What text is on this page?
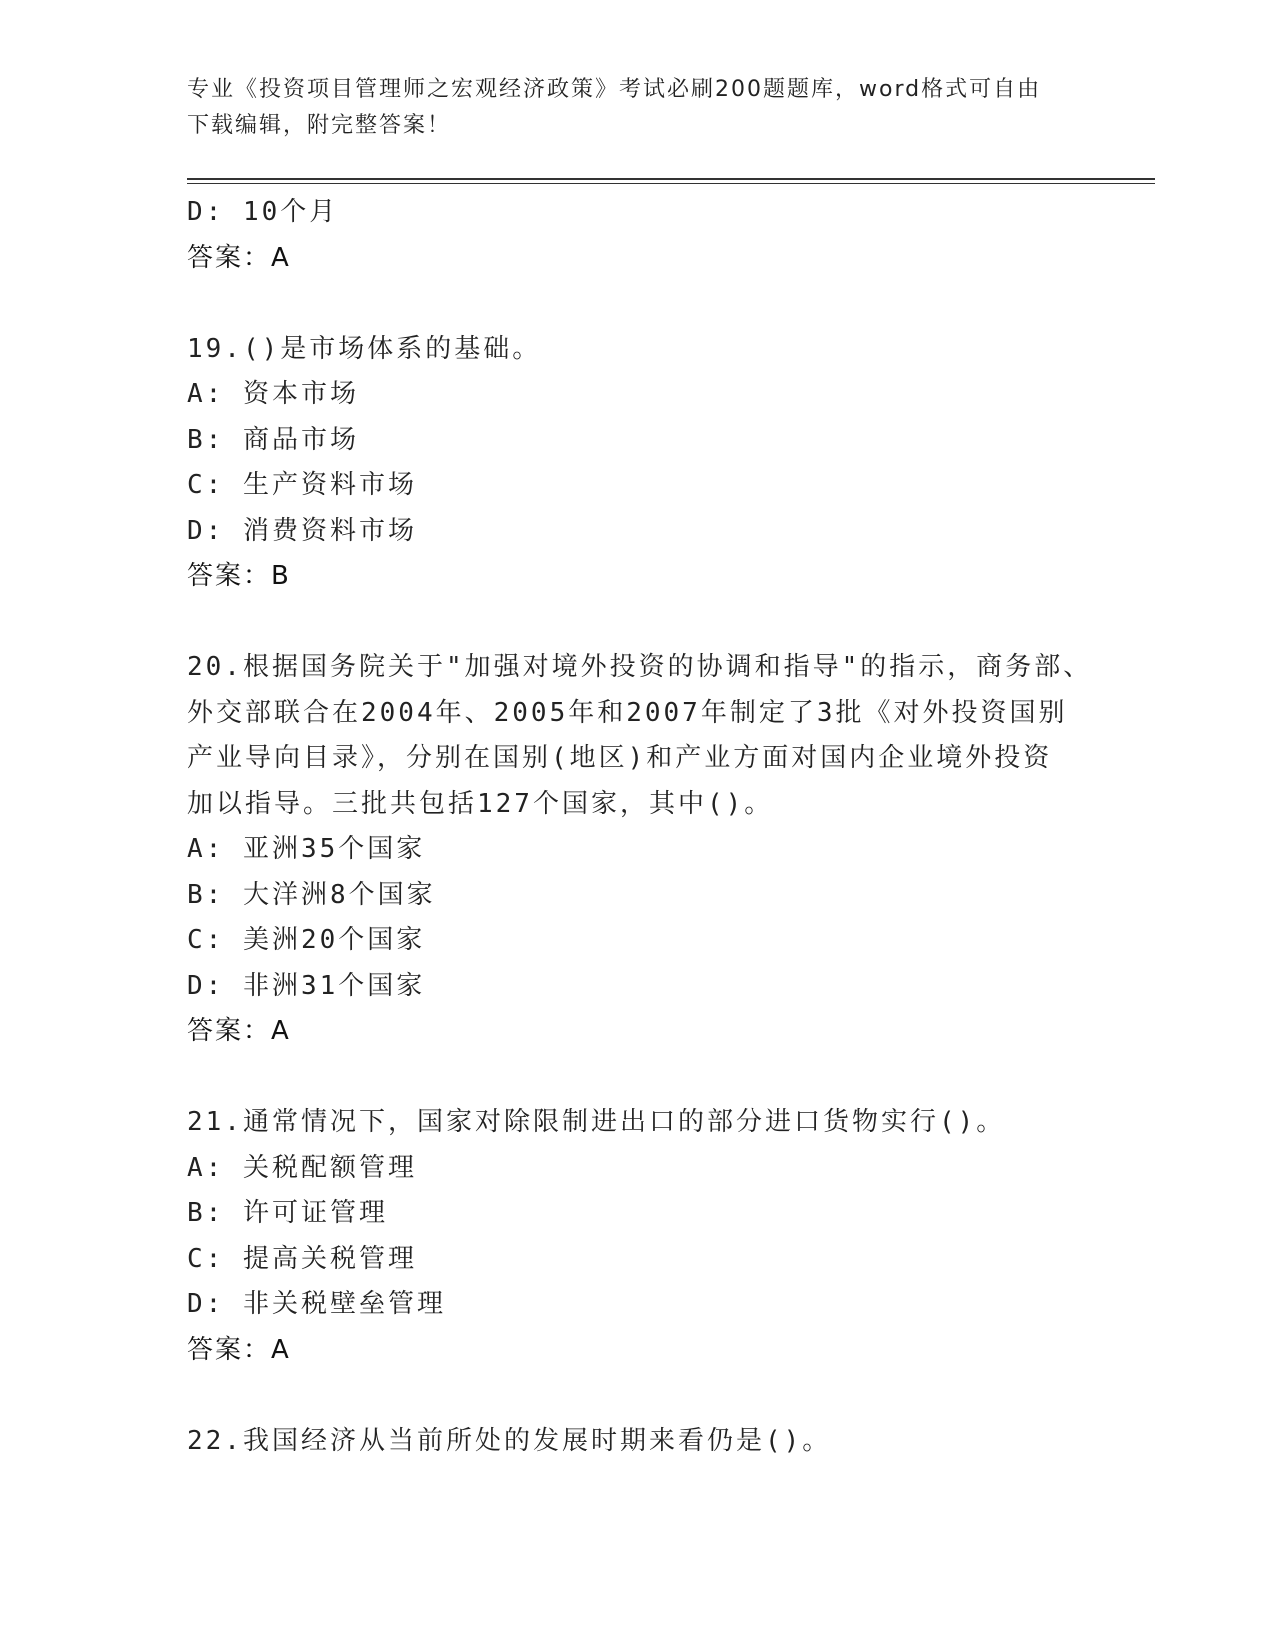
专业《投资项目管理师之宏观经济政策》考试必刷200题题库，word格式可自由
下载编辑，附完整答案！
D: 10个月
答案：A
19.()是市场体系的基础。
A: 资本市场
B: 商品市场
C: 生产资料市场
D: 消费资料市场
答案：B
20.根据国务院关于"加强对境外投资的协调和指导"的指示，商务部、
外交部联合在2004年、2005年和2007年制定了3批《对外投资国别
产业导向目录》，分别在国别(地区)和产业方面对国内企业境外投资
加以指导。三批共包括127个国家，其中()。
A: 亚洲35个国家
B: 大洋洲8个国家
C: 美洲20个国家
D: 非洲31个国家
答案：A
21.通常情况下，国家对除限制进出口的部分进口货物实行()。
A: 关税配额管理
B: 许可证管理
C: 提高关税管理
D: 非关税壁垒管理
答案：A
22.我国经济从当前所处的发展时期来看仍是()。
